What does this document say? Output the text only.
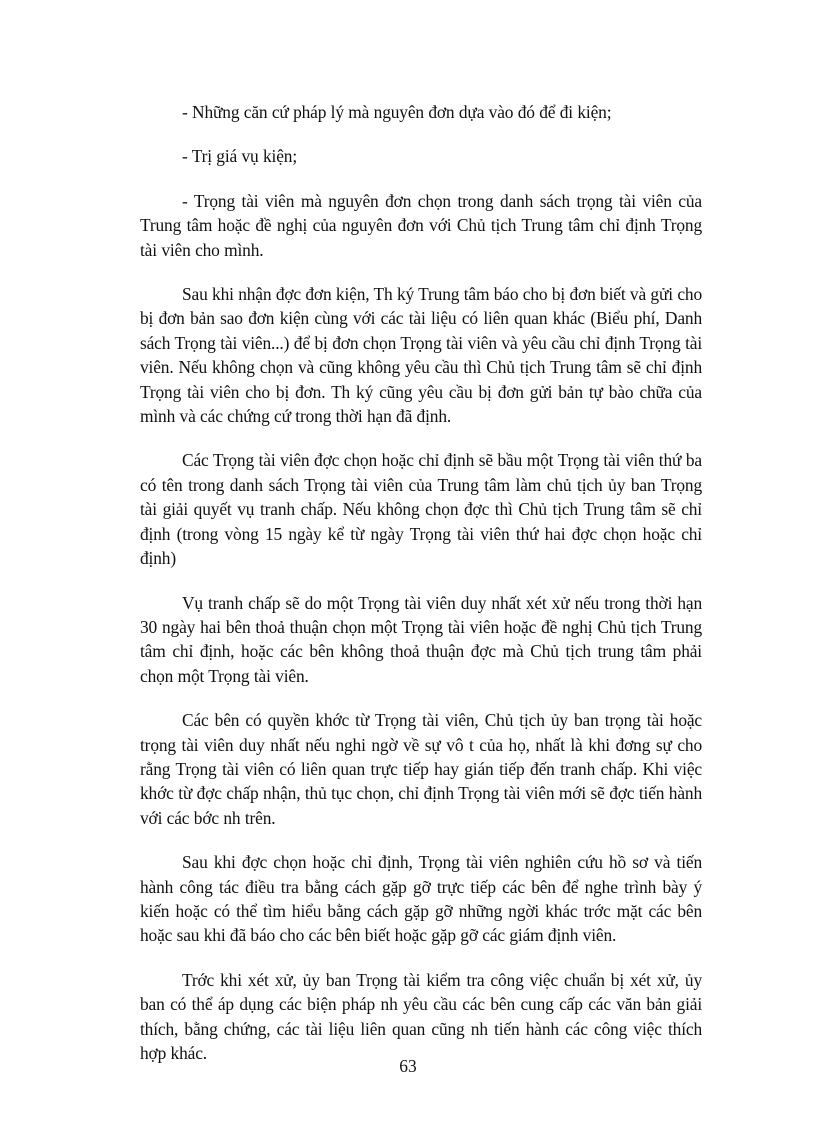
- Những căn cứ pháp lý mà nguyên đơn dựa vào đó để đi kiện;

- Trị giá vụ kiện;

- Trọng tài viên mà nguyên đơn chọn trong danh sách trọng tài viên của Trung tâm hoặc đề nghị của nguyên đơn với Chủ tịch Trung tâm chỉ định Trọng tài viên cho mình.

Sau khi nhận đợc đơn kiện, Th ký Trung tâm báo cho bị đơn biết và gửi cho bị đơn bản sao đơn kiện cùng với các tài liệu có liên quan khác (Biểu phí, Danh sách Trọng tài viên...) để bị đơn chọn Trọng tài viên và yêu cầu chỉ định Trọng tài viên. Nếu không chọn và cũng không yêu cầu thì Chủ tịch Trung tâm sẽ chỉ định Trọng tài viên cho bị đơn. Th ký cũng yêu cầu bị đơn gửi bản tự bào chữa của mình và các chứng cứ trong thời hạn đã định.

Các Trọng tài viên đợc chọn hoặc chỉ định sẽ bầu một Trọng tài viên thứ ba có tên trong danh sách Trọng tài viên của Trung tâm làm chủ tịch ủy ban Trọng tài giải quyết vụ tranh chấp. Nếu không chọn đợc thì Chủ tịch Trung tâm sẽ chỉ định (trong vòng 15 ngày kể từ ngày Trọng tài viên thứ hai đợc chọn hoặc chỉ định)

Vụ tranh chấp sẽ do một Trọng tài viên duy nhất xét xử nếu trong thời hạn 30 ngày hai bên thoả thuận chọn một Trọng tài viên hoặc đề nghị Chủ tịch Trung tâm chỉ định, hoặc các bên không thoả thuận đợc mà Chủ tịch trung tâm phải chọn một Trọng tài viên.

Các bên có quyền khớc từ Trọng tài viên, Chủ tịch ủy ban trọng tài hoặc trọng tài viên duy nhất nếu nghi ngờ về sự vô t của họ, nhất là khi đơng sự cho rằng Trọng tài viên có liên quan trực tiếp hay gián tiếp đến tranh chấp. Khi việc khớc từ đợc chấp nhận, thủ tục chọn, chỉ định Trọng tài viên mới sẽ đợc tiến hành với các bớc nh trên.

Sau khi đợc chọn hoặc chỉ định, Trọng tài viên nghiên cứu hồ sơ và tiến hành công tác điều tra bằng cách gặp gỡ trực tiếp các bên để nghe trình bày ý kiến hoặc có thể tìm hiểu bằng cách gặp gỡ những ngời khác trớc mặt các bên hoặc sau khi đã báo cho các bên biết hoặc gặp gỡ các giám định viên.

Trớc khi xét xử, ủy ban Trọng tài kiểm tra công việc chuẩn bị xét xử, ủy ban có thể áp dụng các biện pháp nh yêu cầu các bên cung cấp các văn bản giải thích, bằng chứng, các tài liệu liên quan cũng nh tiến hành các công việc thích hợp khác.

63
